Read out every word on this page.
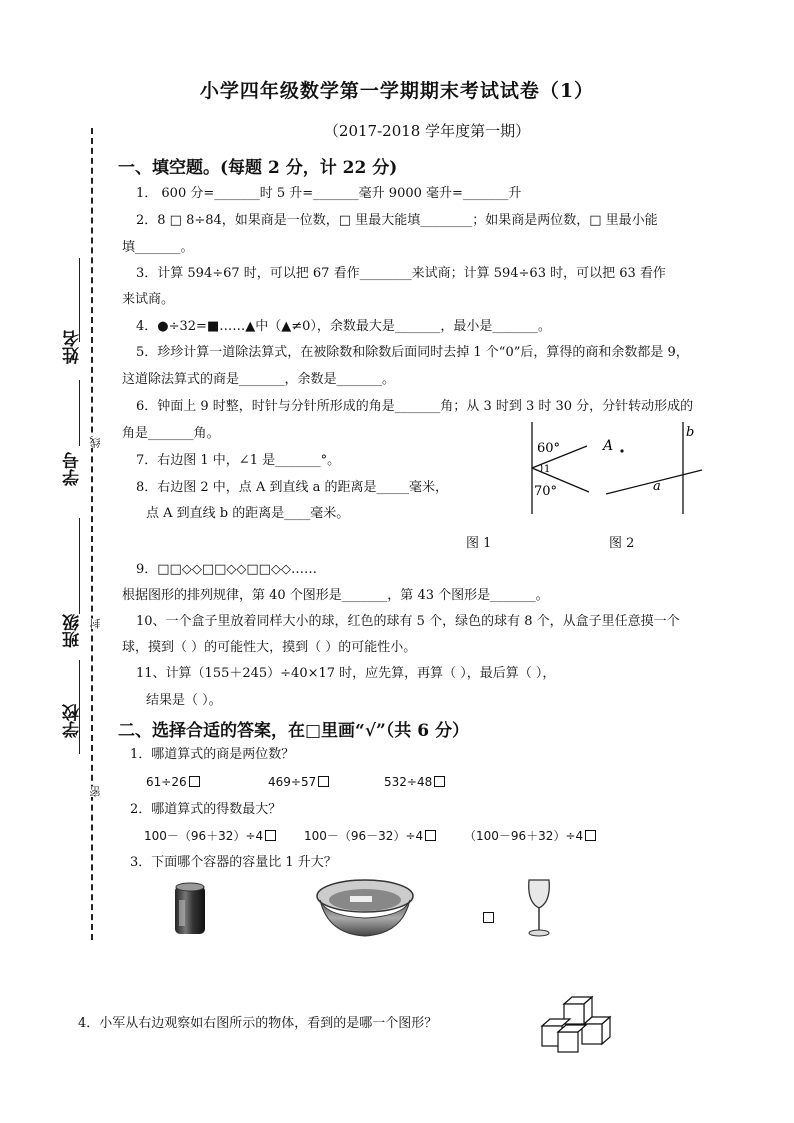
小学四年级数学第一学期期末考试试卷（1）
（2017-2018 学年度第一期）
姓名
学号
线
班级 封
学校
密
一、填空题。(每题 2 分，计 22 分)
1． 600 分=_______时 5 升=_______毫升 9000 毫升=_______升
2．8 □ 8÷84，如果商是一位数，□ 里最大能填________；如果商是两位数，□ 里最小能
填_______。
3．计算 594÷67 时，可以把 67 看作________来试商；计算 594÷63 时，可以把 63 看作
来试商。
4．●÷32=■……▲中（▲≠0），余数最大是_______，最小是_______。
5．珍珍计算一道除法算式，在被除数和除数后面同时去掉 1 个“0”后，算得的商和余数都是 9，
这道除法算式的商是_______，余数是_______。
6．钟面上 9 时整，时针与分针所形成的角是_______角；从 3 时到 3 时 30 分，分针转动形成的
角是_______角。
7．右边图 1 中，∠1 是_______°。
8．右边图 2 中，点 A 到直线 a 的距离是_____毫米，
点 A 到直线 b 的距离是____毫米。
60°
70°
1
A
a
b
图 1	图 2
9．□□◇◇□□◇◇□□◇◇……
根据图形的排列规律，第 40 个图形是_______，第 43 个图形是_______。
10、一个盒子里放着同样大小的球，红色的球有 5 个，绿色的球有 8 个，从盒子里任意摸一个
球，摸到（ ）的可能性大，摸到（ ）的可能性小。
11、计算（155＋245）÷40×17 时，应先算，再算（ ），最后算（ ），
结果是（ ）。
二、选择合适的答案，在□里画“√”（共 6 分）
1．哪道算式的商是两位数？
61÷26	469÷57	532÷48
2．哪道算式的得数最大？
100－（96＋32）÷4	100－（96－32）÷4	（100－96＋32）÷4
3．下面哪个容器的容量比 1 升大？
4．小军从右边观察如右图所示的物体，看到的是哪一个图形？
